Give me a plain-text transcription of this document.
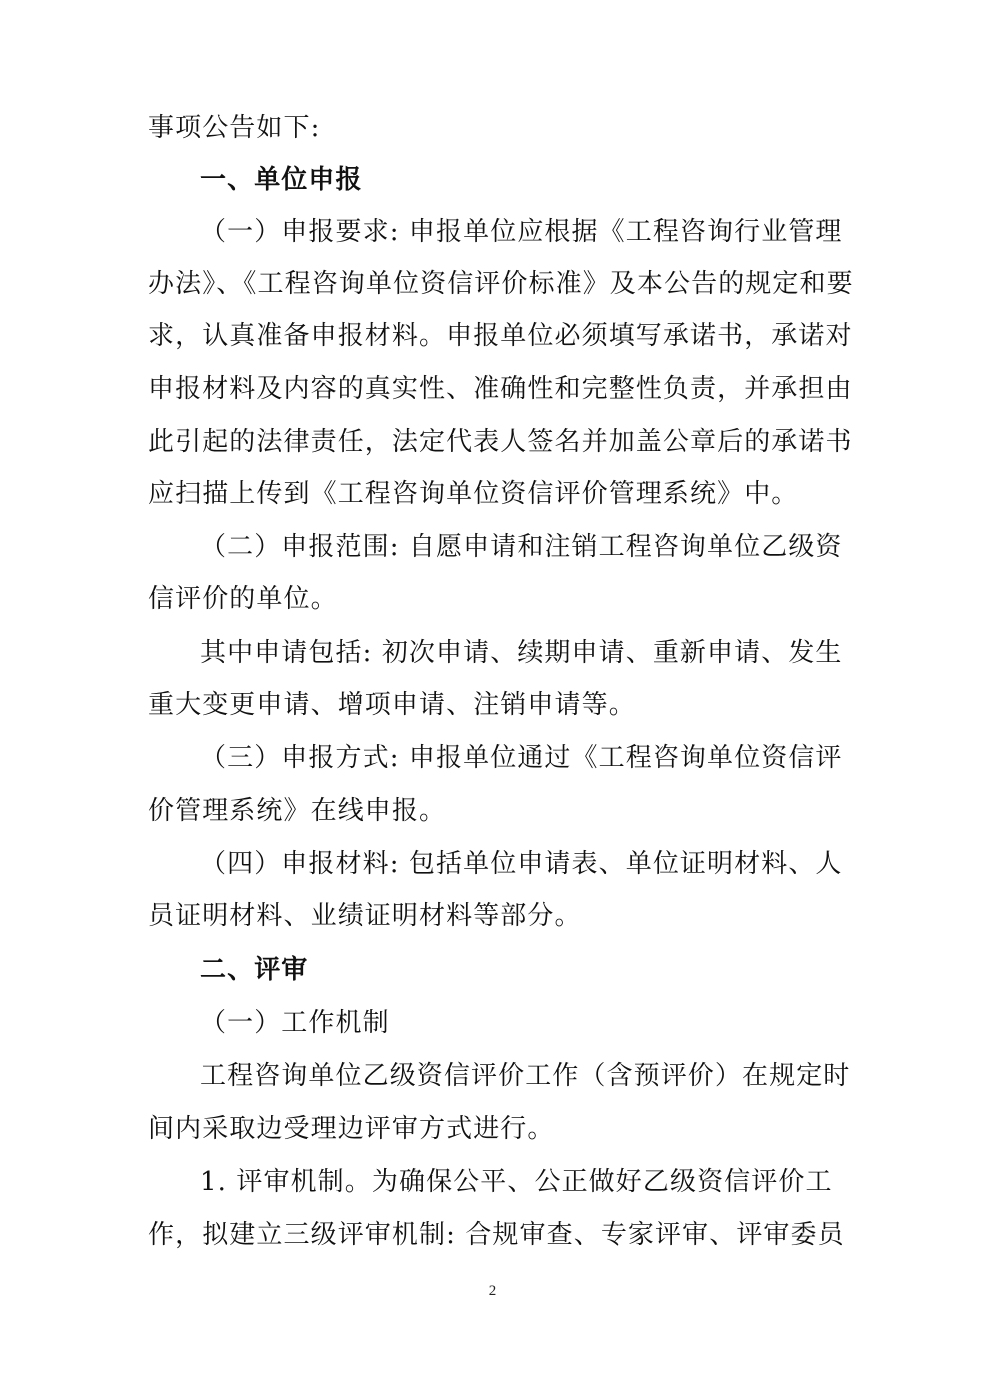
事项公告如下:
一、单位申报
（一）申报要求: 申报单位应根据《工程咨询行业管理
办法》、《工程咨询单位资信评价标准》及本公告的规定和要
求，认真准备申报材料。申报单位必须填写承诺书，承诺对
申报材料及内容的真实性、准确性和完整性负责，并承担由
此引起的法律责任，法定代表人签名并加盖公章后的承诺书
应扫描上传到《工程咨询单位资信评价管理系统》中。
（二）申报范围: 自愿申请和注销工程咨询单位乙级资
信评价的单位。
其中申请包括: 初次申请、续期申请、重新申请、发生
重大变更申请、增项申请、注销申请等。
（三）申报方式: 申报单位通过《工程咨询单位资信评
价管理系统》在线申报。
（四）申报材料: 包括单位申请表、单位证明材料、人
员证明材料、业绩证明材料等部分。
二、评审
（一）工作机制
工程咨询单位乙级资信评价工作（含预评价）在规定时
间内采取边受理边评审方式进行。
1. 评审机制。为确保公平、公正做好乙级资信评价工
作，拟建立三级评审机制: 合规审查、专家评审、评审委员
2
